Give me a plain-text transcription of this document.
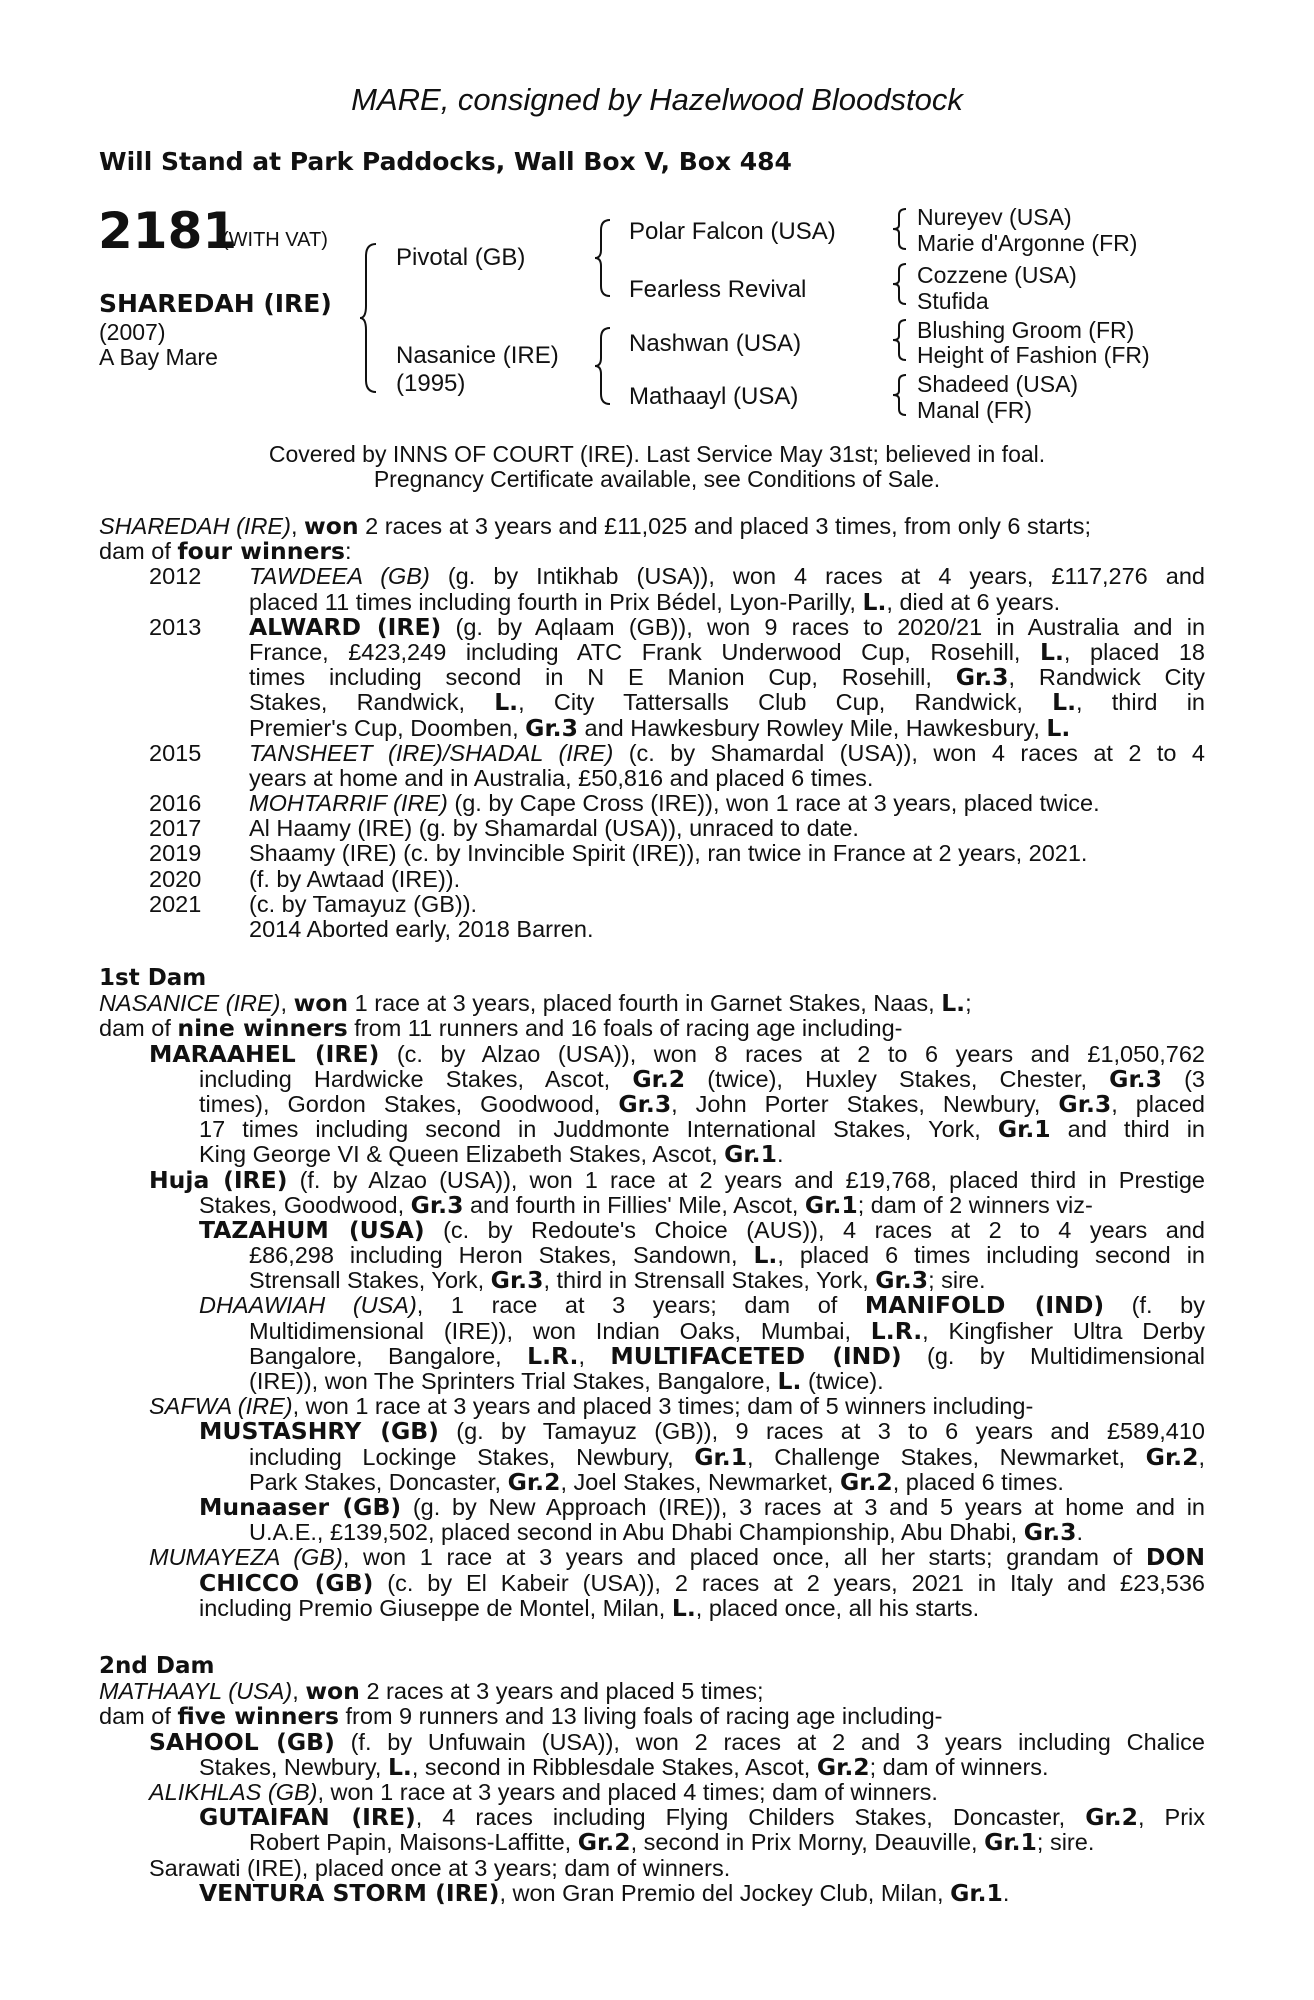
MARE, consigned by Hazelwood Bloodstock
Will Stand at Park Paddocks, Wall Box V, Box 484
2181
(WITH VAT)
SHAREDAH (IRE)
(2007)
A Bay Mare
Pivotal (GB)
Nasanice (IRE)
(1995)
Polar Falcon (USA)
Fearless Revival
Nashwan (USA)
Mathaayl (USA)
Nureyev (USA)
Marie d'Argonne (FR)
Cozzene (USA)
Stufida
Blushing Groom (FR)
Height of Fashion (FR)
Shadeed (USA)
Manal (FR)
Covered by INNS OF COURT (IRE). Last Service May 31st; believed in foal.
Pregnancy Certificate available, see Conditions of Sale.
SHAREDAH (IRE), won 2 races at 3 years and £11,025 and placed 3 times, from only 6 starts;
dam of four winners:
2012 TAWDEEA (GB) (g. by Intikhab (USA)), won 4 races at 4 years, £117,276 and
placed 11 times including fourth in Prix Bédel, Lyon-Parilly, L., died at 6 years.
2013 ALWARD (IRE) (g. by Aqlaam (GB)), won 9 races to 2020/21 in Australia and in
France, £423,249 including ATC Frank Underwood Cup, Rosehill, L., placed 18
times including second in N E Manion Cup, Rosehill, Gr.3, Randwick City
Stakes, Randwick, L., City Tattersalls Club Cup, Randwick, L., third in
Premier's Cup, Doomben, Gr.3 and Hawkesbury Rowley Mile, Hawkesbury, L.
2015 TANSHEET (IRE)/SHADAL (IRE) (c. by Shamardal (USA)), won 4 races at 2 to 4
years at home and in Australia, £50,816 and placed 6 times.
2016 MOHTARRIF (IRE) (g. by Cape Cross (IRE)), won 1 race at 3 years, placed twice.
2017 Al Haamy (IRE) (g. by Shamardal (USA)), unraced to date.
2019 Shaamy (IRE) (c. by Invincible Spirit (IRE)), ran twice in France at 2 years, 2021.
2020 (f. by Awtaad (IRE)).
2021 (c. by Tamayuz (GB)).
2014 Aborted early, 2018 Barren.
1st Dam
NASANICE (IRE), won 1 race at 3 years, placed fourth in Garnet Stakes, Naas, L.;
dam of nine winners from 11 runners and 16 foals of racing age including-
MARAAHEL (IRE) (c. by Alzao (USA)), won 8 races at 2 to 6 years and £1,050,762
including Hardwicke Stakes, Ascot, Gr.2 (twice), Huxley Stakes, Chester, Gr.3 (3
times), Gordon Stakes, Goodwood, Gr.3, John Porter Stakes, Newbury, Gr.3, placed
17 times including second in Juddmonte International Stakes, York, Gr.1 and third in
King George VI & Queen Elizabeth Stakes, Ascot, Gr.1.
Huja (IRE) (f. by Alzao (USA)), won 1 race at 2 years and £19,768, placed third in Prestige
Stakes, Goodwood, Gr.3 and fourth in Fillies' Mile, Ascot, Gr.1; dam of 2 winners viz-
TAZAHUM (USA) (c. by Redoute's Choice (AUS)), 4 races at 2 to 4 years and
£86,298 including Heron Stakes, Sandown, L., placed 6 times including second in
Strensall Stakes, York, Gr.3, third in Strensall Stakes, York, Gr.3; sire.
DHAAWIAH (USA), 1 race at 3 years; dam of MANIFOLD (IND) (f. by
Multidimensional (IRE)), won Indian Oaks, Mumbai, L.R., Kingfisher Ultra Derby
Bangalore, Bangalore, L.R., MULTIFACETED (IND) (g. by Multidimensional
(IRE)), won The Sprinters Trial Stakes, Bangalore, L. (twice).
SAFWA (IRE), won 1 race at 3 years and placed 3 times; dam of 5 winners including-
MUSTASHRY (GB) (g. by Tamayuz (GB)), 9 races at 3 to 6 years and £589,410
including Lockinge Stakes, Newbury, Gr.1, Challenge Stakes, Newmarket, Gr.2,
Park Stakes, Doncaster, Gr.2, Joel Stakes, Newmarket, Gr.2, placed 6 times.
Munaaser (GB) (g. by New Approach (IRE)), 3 races at 3 and 5 years at home and in
U.A.E., £139,502, placed second in Abu Dhabi Championship, Abu Dhabi, Gr.3.
MUMAYEZA (GB), won 1 race at 3 years and placed once, all her starts; grandam of DON
CHICCO (GB) (c. by El Kabeir (USA)), 2 races at 2 years, 2021 in Italy and £23,536
including Premio Giuseppe de Montel, Milan, L., placed once, all his starts.
2nd Dam
MATHAAYL (USA), won 2 races at 3 years and placed 5 times;
dam of five winners from 9 runners and 13 living foals of racing age including-
SAHOOL (GB) (f. by Unfuwain (USA)), won 2 races at 2 and 3 years including Chalice
Stakes, Newbury, L., second in Ribblesdale Stakes, Ascot, Gr.2; dam of winners.
ALIKHLAS (GB), won 1 race at 3 years and placed 4 times; dam of winners.
GUTAIFAN (IRE), 4 races including Flying Childers Stakes, Doncaster, Gr.2, Prix
Robert Papin, Maisons-Laffitte, Gr.2, second in Prix Morny, Deauville, Gr.1; sire.
Sarawati (IRE), placed once at 3 years; dam of winners.
VENTURA STORM (IRE), won Gran Premio del Jockey Club, Milan, Gr.1.
